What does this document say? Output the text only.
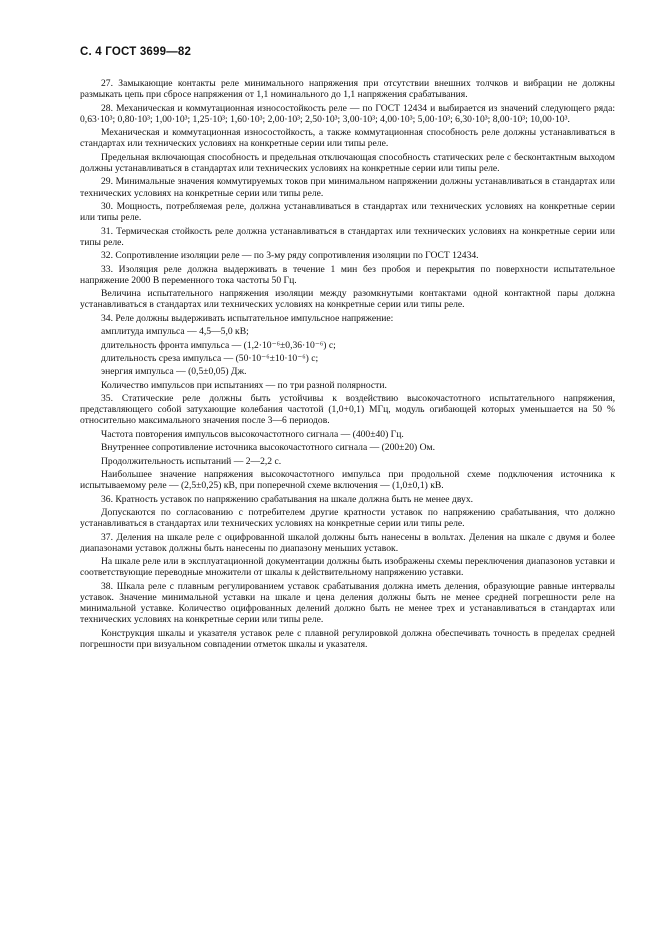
С. 4 ГОСТ 3699—82

27. Замыкающие контакты реле минимального напряжения при отсутствии внешних толчков и вибрации не должны размыкать цепь при сбросе напряжения от 1,1 номинального до 1,1 напряжения срабатывания.

28. Механическая и коммутационная износостойкость реле — по ГОСТ 12434 и выбирается из значений следующего ряда: 0,63·10³; 0,80·10³; 1,00·10³; 1,25·10³; 1,60·10³; 2,00·10³; 2,50·10³; 3,00·10³; 4,00·10³; 5,00·10³; 6,30·10³; 8,00·10³; 10,00·10³.

Механическая и коммутационная износостойкость, а также коммутационная способность реле должны устанавливаться в стандартах или технических условиях на конкретные серии или типы реле.

Предельная включающая способность и предельная отключающая способность статических реле с бесконтактным выходом должны устанавливаться в стандартах или технических условиях на конкретные серии или типы реле.

29. Минимальные значения коммутируемых токов при минимальном напряжении должны устанавливаться в стандартах или технических условиях на конкретные серии или типы реле.

30. Мощность, потребляемая реле, должна устанавливаться в стандартах или технических условиях на конкретные серии или типы реле.

31. Термическая стойкость реле должна устанавливаться в стандартах или технических условиях на конкретные серии или типы реле.

32. Сопротивление изоляции реле — по 3-му ряду сопротивления изоляции по ГОСТ 12434.

33. Изоляция реле должна выдерживать в течение 1 мин без пробоя и перекрытия по поверхности испытательное напряжение 2000 В переменного тока частоты 50 Гц.

Величина испытательного напряжения изоляции между разомкнутыми контактами одной контактной пары должна устанавливаться в стандартах или технических условиях на конкретные серии или типы реле.

34. Реле должны выдерживать испытательное импульсное напряжение:

амплитуда импульса — 4,5—5,0 кВ;

длительность фронта импульса — (1,2·10⁻⁶±0,36·10⁻⁶) с;

длительность среза импульса — (50·10⁻⁶±10·10⁻⁶) с;

энергия импульса — (0,5±0,05) Дж.

Количество импульсов при испытаниях — по три разной полярности.

35. Статические реле должны быть устойчивы к воздействию высокочастотного испытательного напряжения, представляющего собой затухающие колебания частотой (1,0+0,1) МГц, модуль огибающей которых уменьшается на 50 % относительно максимального значения после 3—6 периодов.

Частота повторения импульсов высокочастотного сигнала — (400±40) Гц.

Внутреннее сопротивление источника высокочастотного сигнала — (200±20) Ом.

Продолжительность испытаний — 2—2,2 с.

Наибольшее значение напряжения высокочастотного импульса при продольной схеме подключения источника к испытываемому реле — (2,5±0,25) кВ, при поперечной схеме включения — (1,0±0,1) кВ.

36. Кратность уставок по напряжению срабатывания на шкале должна быть не менее двух.

Допускаются по согласованию с потребителем другие кратности уставок по напряжению срабатывания, что должно устанавливаться в стандартах или технических условиях на конкретные серии или типы реле.

37. Деления на шкале реле с оцифрованной шкалой должны быть нанесены в вольтах. Деления на шкале с двумя и более диапазонами уставок должны быть нанесены по диапазону меньших уставок.

На шкале реле или в эксплуатационной документации должны быть изображены схемы переключения диапазонов уставки и соответствующие переводные множители от шкалы к действительному напряжению уставки.

38. Шкала реле с плавным регулированием уставок срабатывания должна иметь деления, образующие равные интервалы уставок. Значение минимальной уставки на шкале и цена деления должны быть не менее средней погрешности реле на минимальной уставке. Количество оцифрованных делений должно быть не менее трех и устанавливаться в стандартах или технических условиях на конкретные серии или типы реле.

Конструкция шкалы и указателя уставок реле с плавной регулировкой должна обеспечивать точность в пределах средней погрешности при визуальном совпадении отметок шкалы и указателя.
